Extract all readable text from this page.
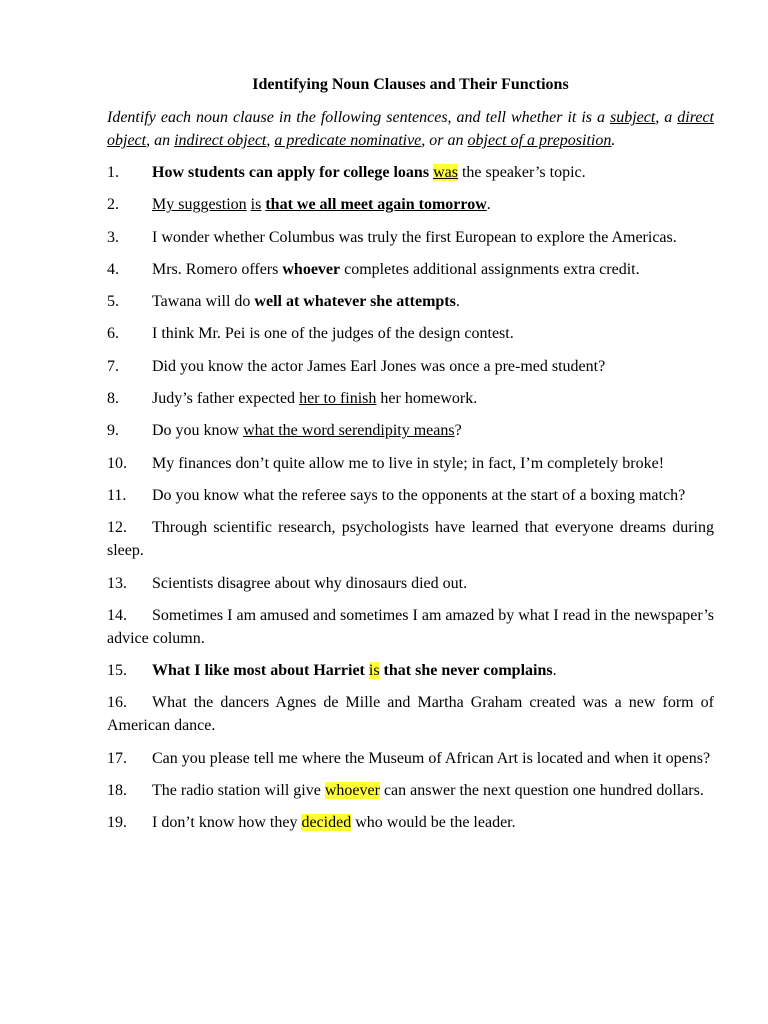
Identifying Noun Clauses and Their Functions

Identify each noun clause in the following sentences, and tell whether it is a subject, a direct object, an indirect object, a predicate nominative, or an object of a preposition.

1. How students can apply for college loans was the speaker’s topic.

2. My suggestion is that we all meet again tomorrow.

3. I wonder whether Columbus was truly the first European to explore the Americas.

4. Mrs. Romero offers whoever completes additional assignments extra credit.

5. Tawana will do well at whatever she attempts.

6. I think Mr. Pei is one of the judges of the design contest.

7. Did you know the actor James Earl Jones was once a pre-med student?

8. Judy’s father expected her to finish her homework.

9. Do you know what the word serendipity means?

10. My finances don’t quite allow me to live in style; in fact, I’m completely broke!

11. Do you know what the referee says to the opponents at the start of a boxing match?

12. Through scientific research, psychologists have learned that everyone dreams during sleep.

13. Scientists disagree about why dinosaurs died out.

14. Sometimes I am amused and sometimes I am amazed by what I read in the newspaper’s advice column.

15. What I like most about Harriet is that she never complains.

16. What the dancers Agnes de Mille and Martha Graham created was a new form of American dance.

17. Can you please tell me where the Museum of African Art is located and when it opens?

18. The radio station will give whoever can answer the next question one hundred dollars.

19. I don’t know how they decided who would be the leader.
